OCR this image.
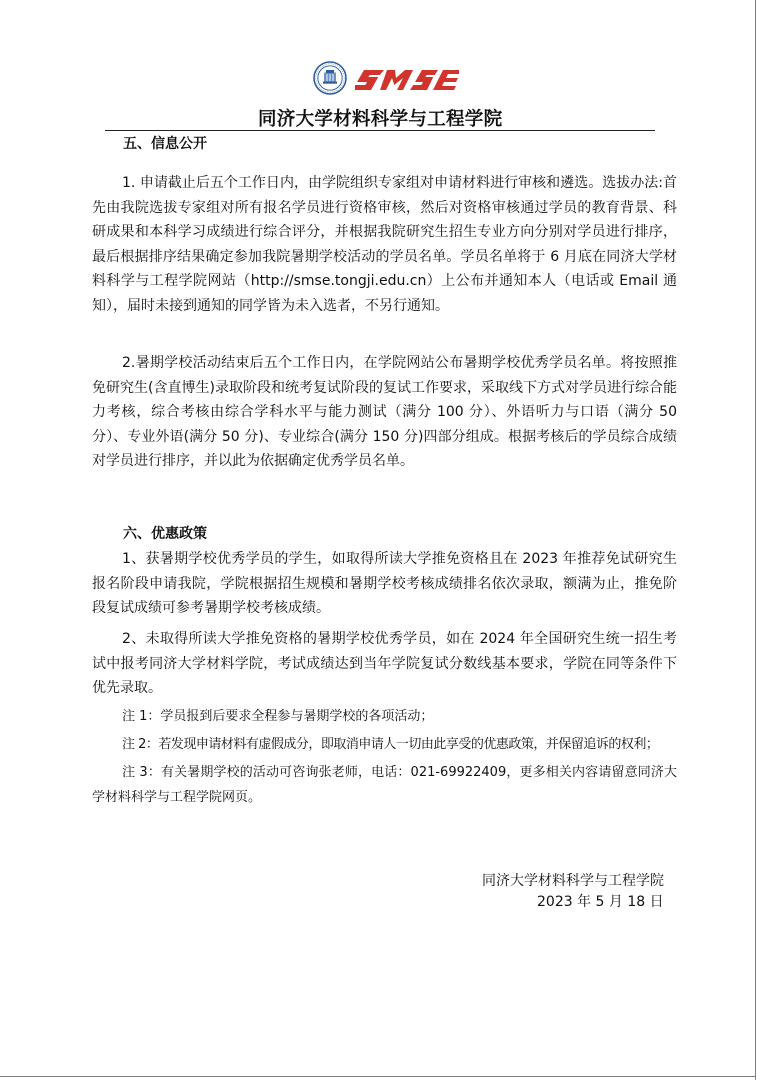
同济大学材料科学与工程学院
五、信息公开
1. 申请截止后五个工作日内，由学院组织专家组对申请材料进行审核和遴选。选拔办法:首先由我院选拔专家组对所有报名学员进行资格审核，然后对资格审核通过学员的教育背景、科研成果和本科学习成绩进行综合评分，并根据我院研究生招生专业方向分别对学员进行排序，最后根据排序结果确定参加我院暑期学校活动的学员名单。学员名单将于 6 月底在同济大学材料科学与工程学院网站（http://smse.tongji.edu.cn）上公布并通知本人（电话或 Email 通知），届时未接到通知的同学皆为未入选者，不另行通知。
2.暑期学校活动结束后五个工作日内，在学院网站公布暑期学校优秀学员名单。将按照推免研究生(含直博生)录取阶段和统考复试阶段的复试工作要求，采取线下方式对学员进行综合能力考核，综合考核由综合学科水平与能力测试（满分 100 分）、外语听力与口语（满分 50 分）、专业外语(满分 50 分)、专业综合(满分 150 分)四部分组成。根据考核后的学员综合成绩对学员进行排序，并以此为依据确定优秀学员名单。
六、优惠政策
1、获暑期学校优秀学员的学生，如取得所读大学推免资格且在 2023 年推荐免试研究生报名阶段申请我院，学院根据招生规模和暑期学校考核成绩排名依次录取，额满为止，推免阶段复试成绩可参考暑期学校考核成绩。
2、未取得所读大学推免资格的暑期学校优秀学员，如在 2024 年全国研究生统一招生考试中报考同济大学材料学院，考试成绩达到当年学院复试分数线基本要求，学院在同等条件下优先录取。
注 1：学员报到后要求全程参与暑期学校的各项活动；
注 2：若发现申请材料有虚假成分，即取消申请人一切由此享受的优惠政策，并保留追诉的权利；
注 3：有关暑期学校的活动可咨询张老师，电话：021-69922409，更多相关内容请留意同济大学材料科学与工程学院网页。
同济大学材料科学与工程学院
2023 年 5 月 18 日
